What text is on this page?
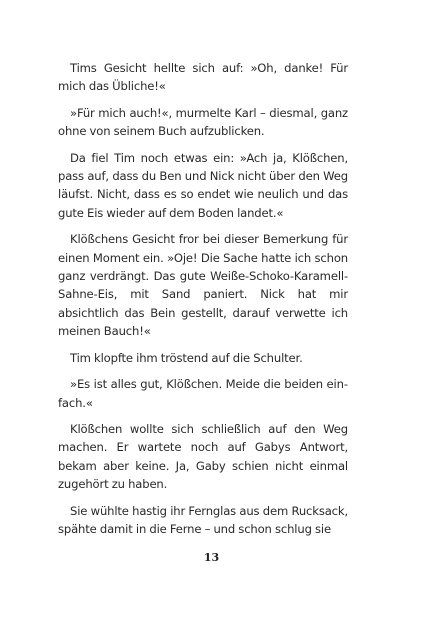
Tims Gesicht hellte sich auf: »Oh, danke! Für mich das Übliche!«

»Für mich auch!«, murmelte Karl – diesmal, ganz ohne von seinem Buch aufzublicken.

Da fiel Tim noch etwas ein: »Ach ja, Klößchen, pass auf, dass du Ben und Nick nicht über den Weg läufst. Nicht, dass es so endet wie neulich und das gute Eis wieder auf dem Boden landet.«

Klößchens Gesicht fror bei dieser Bemerkung für einen Moment ein. »Oje! Die Sache hatte ich schon ganz verdrängt. Das gute Weiße-Schoko-Karamell-Sahne-Eis, mit Sand paniert. Nick hat mir absichtlich das Bein gestellt, darauf verwette ich meinen Bauch!«

Tim klopfte ihm tröstend auf die Schulter.

»Es ist alles gut, Klößchen. Meide die beiden einfach.«

Klößchen wollte sich schließlich auf den Weg machen. Er wartete noch auf Gabys Antwort, bekam aber keine. Ja, Gaby schien nicht einmal zugehört zu haben.

Sie wühlte hastig ihr Fernglas aus dem Rucksack, spähte damit in die Ferne – und schon schlug sie

13
